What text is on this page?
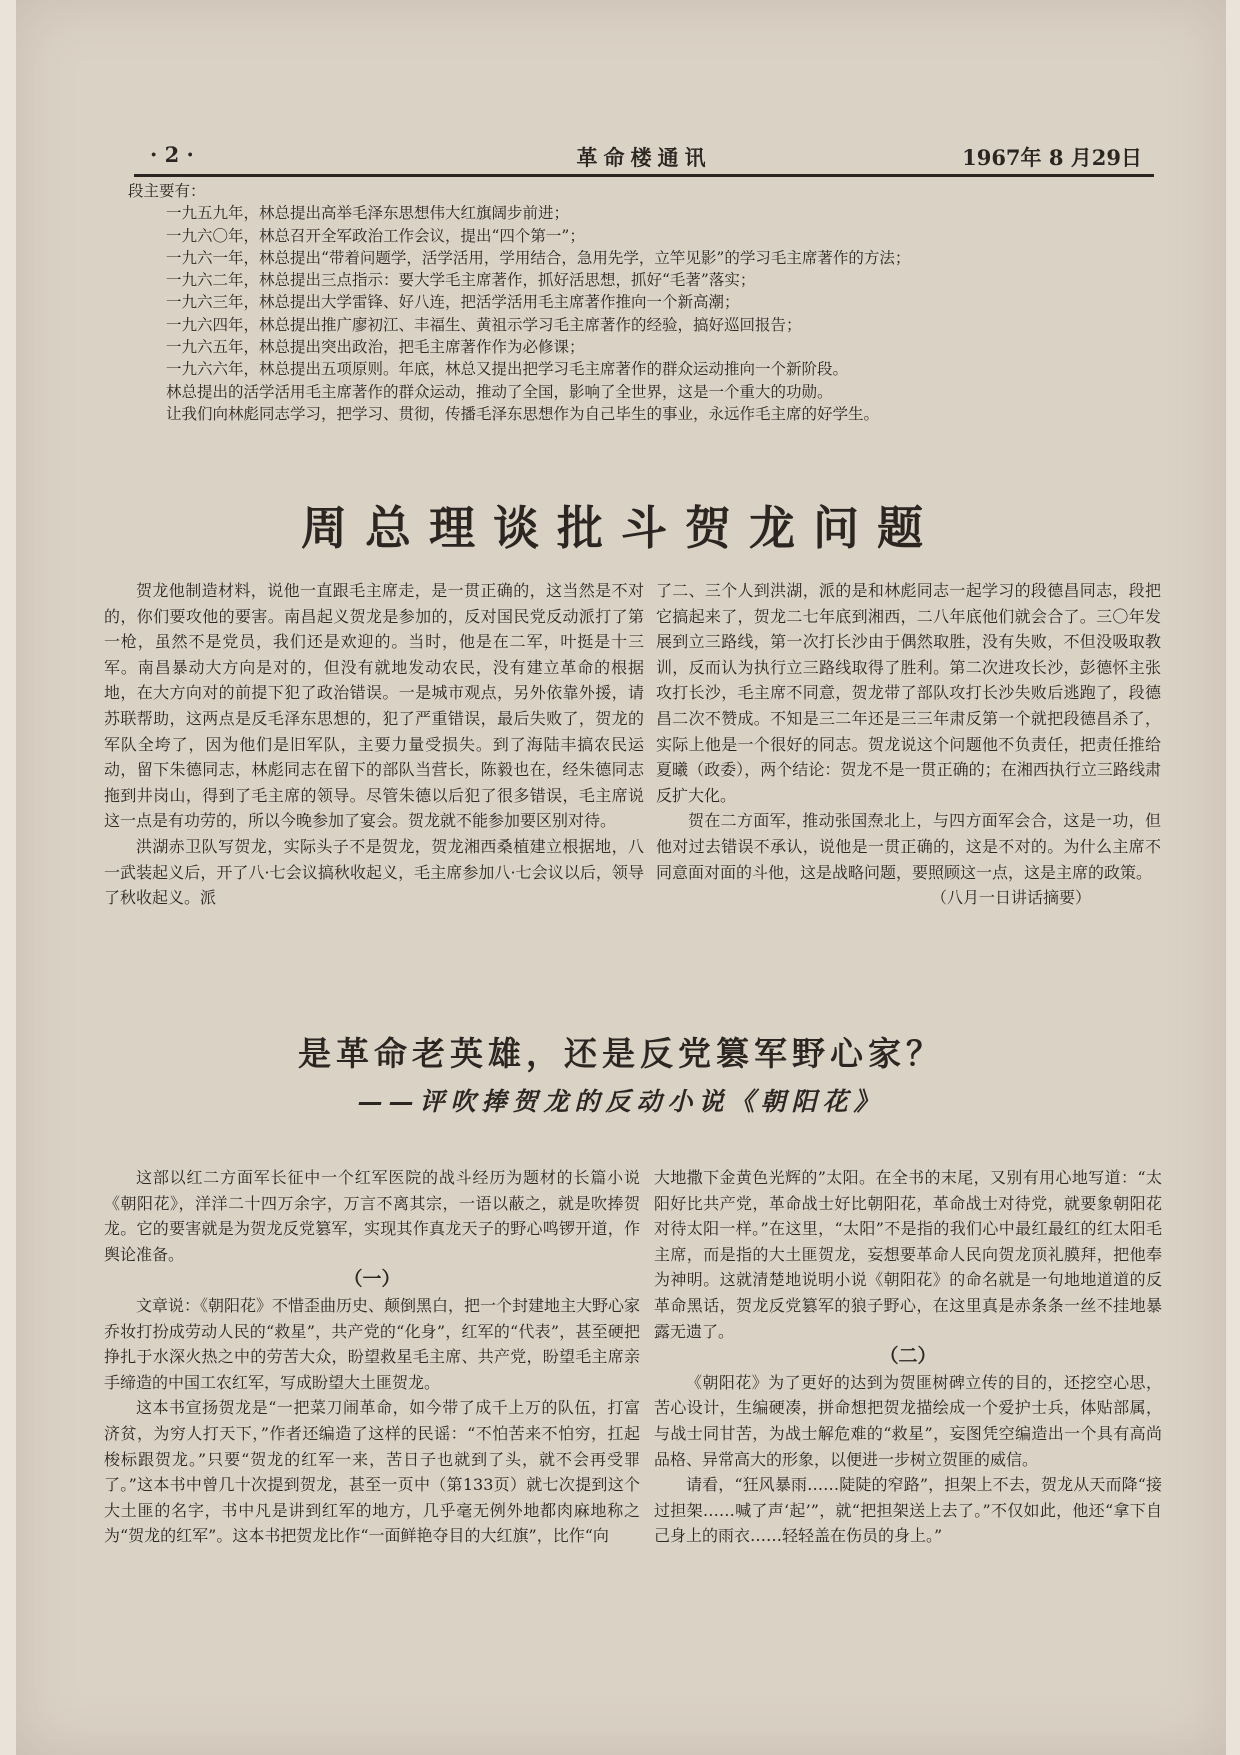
· 2 ·	革命楼通讯	1967年 8 月29日

段主要有：

一九五九年，林总提出高举毛泽东思想伟大红旗阔步前进；

一九六〇年，林总召开全军政治工作会议，提出“四个第一”；

一九六一年，林总提出“带着问题学，活学活用，学用结合，急用先学，立竿见影”的学习毛主席著作的方法；

一九六二年，林总提出三点指示：要大学毛主席著作，抓好活思想，抓好“毛著”落实；

一九六三年，林总提出大学雷锋、好八连，把活学活用毛主席著作推向一个新高潮；

一九六四年，林总提出推广廖初江、丰福生、黄祖示学习毛主席著作的经验，搞好巡回报告；

一九六五年，林总提出突出政治，把毛主席著作作为必修课；

一九六六年，林总提出五项原则。年底，林总又提出把学习毛主席著作的群众运动推向一个新阶段。

林总提出的活学活用毛主席著作的群众运动，推动了全国，影响了全世界，这是一个重大的功勋。

让我们向林彪同志学习，把学习、贯彻，传播毛泽东思想作为自己毕生的事业，永远作毛主席的好学生。

周总理谈批斗贺龙问题

贺龙他制造材料，说他一直跟毛主席走，是一贯正确的，这当然是不对的，你们要攻他的要害。南昌起义贺龙是参加的，反对国民党反动派打了第一枪，虽然不是党员，我们还是欢迎的。当时，他是在二军，叶挺是十三军。南昌暴动大方向是对的，但没有就地发动农民，没有建立革命的根据地，在大方向对的前提下犯了政治错误。一是城市观点，另外依靠外援，请苏联帮助，这两点是反毛泽东思想的，犯了严重错误，最后失败了，贺龙的军队全垮了，因为他们是旧军队，主要力量受损失。到了海陆丰搞农民运动，留下朱德同志，林彪同志在留下的部队当营长，陈毅也在，经朱德同志拖到井岗山，得到了毛主席的领导。尽管朱德以后犯了很多错误，毛主席说这一点是有功劳的，所以今晚参加了宴会。贺龙就不能参加要区别对待。

洪湖赤卫队写贺龙，实际头子不是贺龙，贺龙湘西桑植建立根据地，八一武装起义后，开了八·七会议搞秋收起义，毛主席参加八·七会议以后，领导了秋收起义。派

了二、三个人到洪湖，派的是和林彪同志一起学习的段德昌同志，段把它搞起来了，贺龙二七年底到湘西，二八年底他们就会合了。三〇年发展到立三路线，第一次打长沙由于偶然取胜，没有失败，不但没吸取教训，反而认为执行立三路线取得了胜利。第二次进攻长沙，彭德怀主张攻打长沙，毛主席不同意，贺龙带了部队攻打长沙失败后逃跑了，段德昌二次不赞成。不知是三二年还是三三年肃反第一个就把段德昌杀了，实际上他是一个很好的同志。贺龙说这个问题他不负责任，把责任推给夏曦（政委），两个结论：贺龙不是一贯正确的；在湘西执行立三路线肃反扩大化。

贺在二方面军，推动张国焘北上，与四方面军会合，这是一功，但他对过去错误不承认，说他是一贯正确的，这是不对的。为什么主席不同意面对面的斗他，这是战略问题，要照顾这一点，这是主席的政策。

（八月一日讲话摘要）

是革命老英雄，还是反党篡军野心家？
——评吹捧贺龙的反动小说《朝阳花》

这部以红二方面军长征中一个红军医院的战斗经历为题材的长篇小说《朝阳花》，洋洋二十四万余字，万言不离其宗，一语以蔽之，就是吹捧贺龙。它的要害就是为贺龙反党篡军，实现其作真龙天子的野心鸣锣开道，作舆论准备。

（一）

文章说：《朝阳花》不惜歪曲历史、颠倒黑白，把一个封建地主大野心家乔妆打扮成劳动人民的“救星”，共产党的“化身”，红军的“代表”，甚至硬把挣扎于水深火热之中的劳苦大众，盼望救星毛主席、共产党，盼望毛主席亲手缔造的中国工农红军，写成盼望大土匪贺龙。

这本书宣扬贺龙是“一把菜刀闹革命，如今带了成千上万的队伍，打富济贫，为穷人打天下，”作者还编造了这样的民谣：“不怕苦来不怕穷，扛起梭标跟贺龙。”只要“贺龙的红军一来，苦日子也就到了头，就不会再受罪了。”这本书中曾几十次提到贺龙，甚至一页中（第133页）就七次提到这个大土匪的名字，书中凡是讲到红军的地方，几乎毫无例外地都肉麻地称之为“贺龙的红军”。这本书把贺龙比作“一面鲜艳夺目的大红旗”，比作“向

大地撒下金黄色光辉的”太阳。在全书的末尾，又别有用心地写道：“太阳好比共产党，革命战士好比朝阳花，革命战士对待党，就要象朝阳花对待太阳一样。”在这里，“太阳”不是指的我们心中最红最红的红太阳毛主席，而是指的大土匪贺龙，妄想要革命人民向贺龙顶礼膜拜，把他奉为神明。这就清楚地说明小说《朝阳花》的命名就是一句地地道道的反革命黑话，贺龙反党篡军的狼子野心，在这里真是赤条条一丝不挂地暴露无遗了。

（二）

《朝阳花》为了更好的达到为贺匪树碑立传的目的，还挖空心思，苦心设计，生编硬凑，拼命想把贺龙描绘成一个爱护士兵，体贴部属，与战士同甘苦，为战士解危难的“救星”，妄图凭空编造出一个具有高尚品格、异常高大的形象，以便进一步树立贺匪的威信。

请看，“狂风暴雨……陡陡的窄路”，担架上不去，贺龙从天而降“接过担架……喊了声‘起’”，就“把担架送上去了。”不仅如此，他还“拿下自己身上的雨衣……轻轻盖在伤员的身上。”
